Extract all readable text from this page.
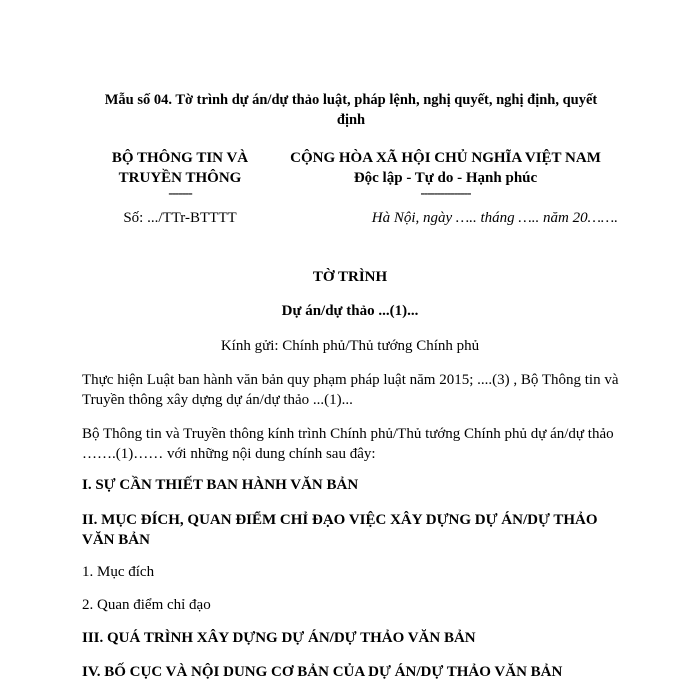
Mẫu số 04. Tờ trình dự án/dự thảo luật, pháp lệnh, nghị quyết, nghị định, quyết định
BỘ THÔNG TIN VÀ
TRUYỀN THÔNG
-------
CỘNG HÒA XÃ HỘI CHỦ NGHĨA VIỆT NAM
Độc lập - Tự do - Hạnh phúc
---------------
Số: .../TTr-BTTTT	Hà Nội, ngày ….. tháng ….. năm 20…….
TỜ TRÌNH
Dự án/dự thảo ...(1)...
Kính gửi: Chính phủ/Thủ tướng Chính phủ
Thực hiện Luật ban hành văn bản quy phạm pháp luật năm 2015; ....(3) , Bộ Thông tin và Truyền thông xây dựng dự án/dự thảo ...(1)...
Bộ Thông tin và Truyền thông kính trình Chính phủ/Thủ tướng Chính phủ dự án/dự thảo …….(1)…… với những nội dung chính sau đây:
I. SỰ CẦN THIẾT BAN HÀNH VĂN BẢN
II. MỤC ĐÍCH, QUAN ĐIỂM CHỈ ĐẠO VIỆC XÂY DỰNG DỰ ÁN/DỰ THẢO VĂN BẢN
1. Mục đích
2. Quan điểm chỉ đạo
III. QUÁ TRÌNH XÂY DỰNG DỰ ÁN/DỰ THẢO VĂN BẢN
IV. BỐ CỤC VÀ NỘI DUNG CƠ BẢN CỦA DỰ ÁN/DỰ THẢO VĂN BẢN
